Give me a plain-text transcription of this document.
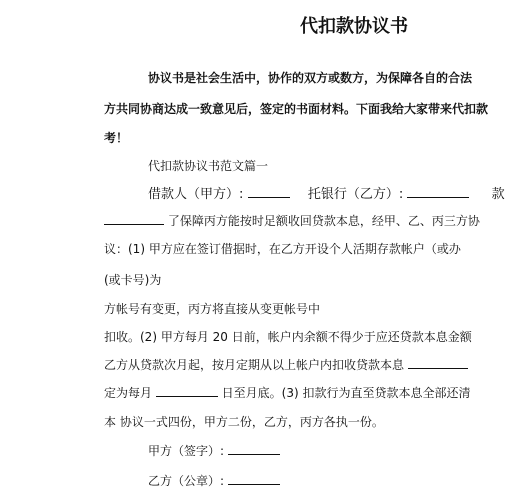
代扣款协议书
协议书是社会生活中，协作的双方或数方，为保障各自的合法
方共同协商达成一致意见后，签定的书面材料。下面我给大家带来代扣款
考！
代扣款协议书范文篇一
借款人（甲方）:	托银行（乙方）:	款
了保障丙方能按时足额收回贷款本息，经甲、乙、丙三方协
议：(1) 甲方应在签订借据时，在乙方开设个人活期存款帐户（或办
(或卡号)为
方帐号有变更，丙方将直接从变更帐号中
扣收。(2) 甲方每月 20 日前，帐户内余额不得少于应还贷款本息金额
乙方从贷款次月起，按月定期从以上帐户内扣收贷款本息
定为每月	日至月底。(3) 扣款行为直至贷款本息全部还清
本 协议一式四份，甲方二份，乙方，丙方各执一份。
甲方（签字）:
乙方（公章）:
